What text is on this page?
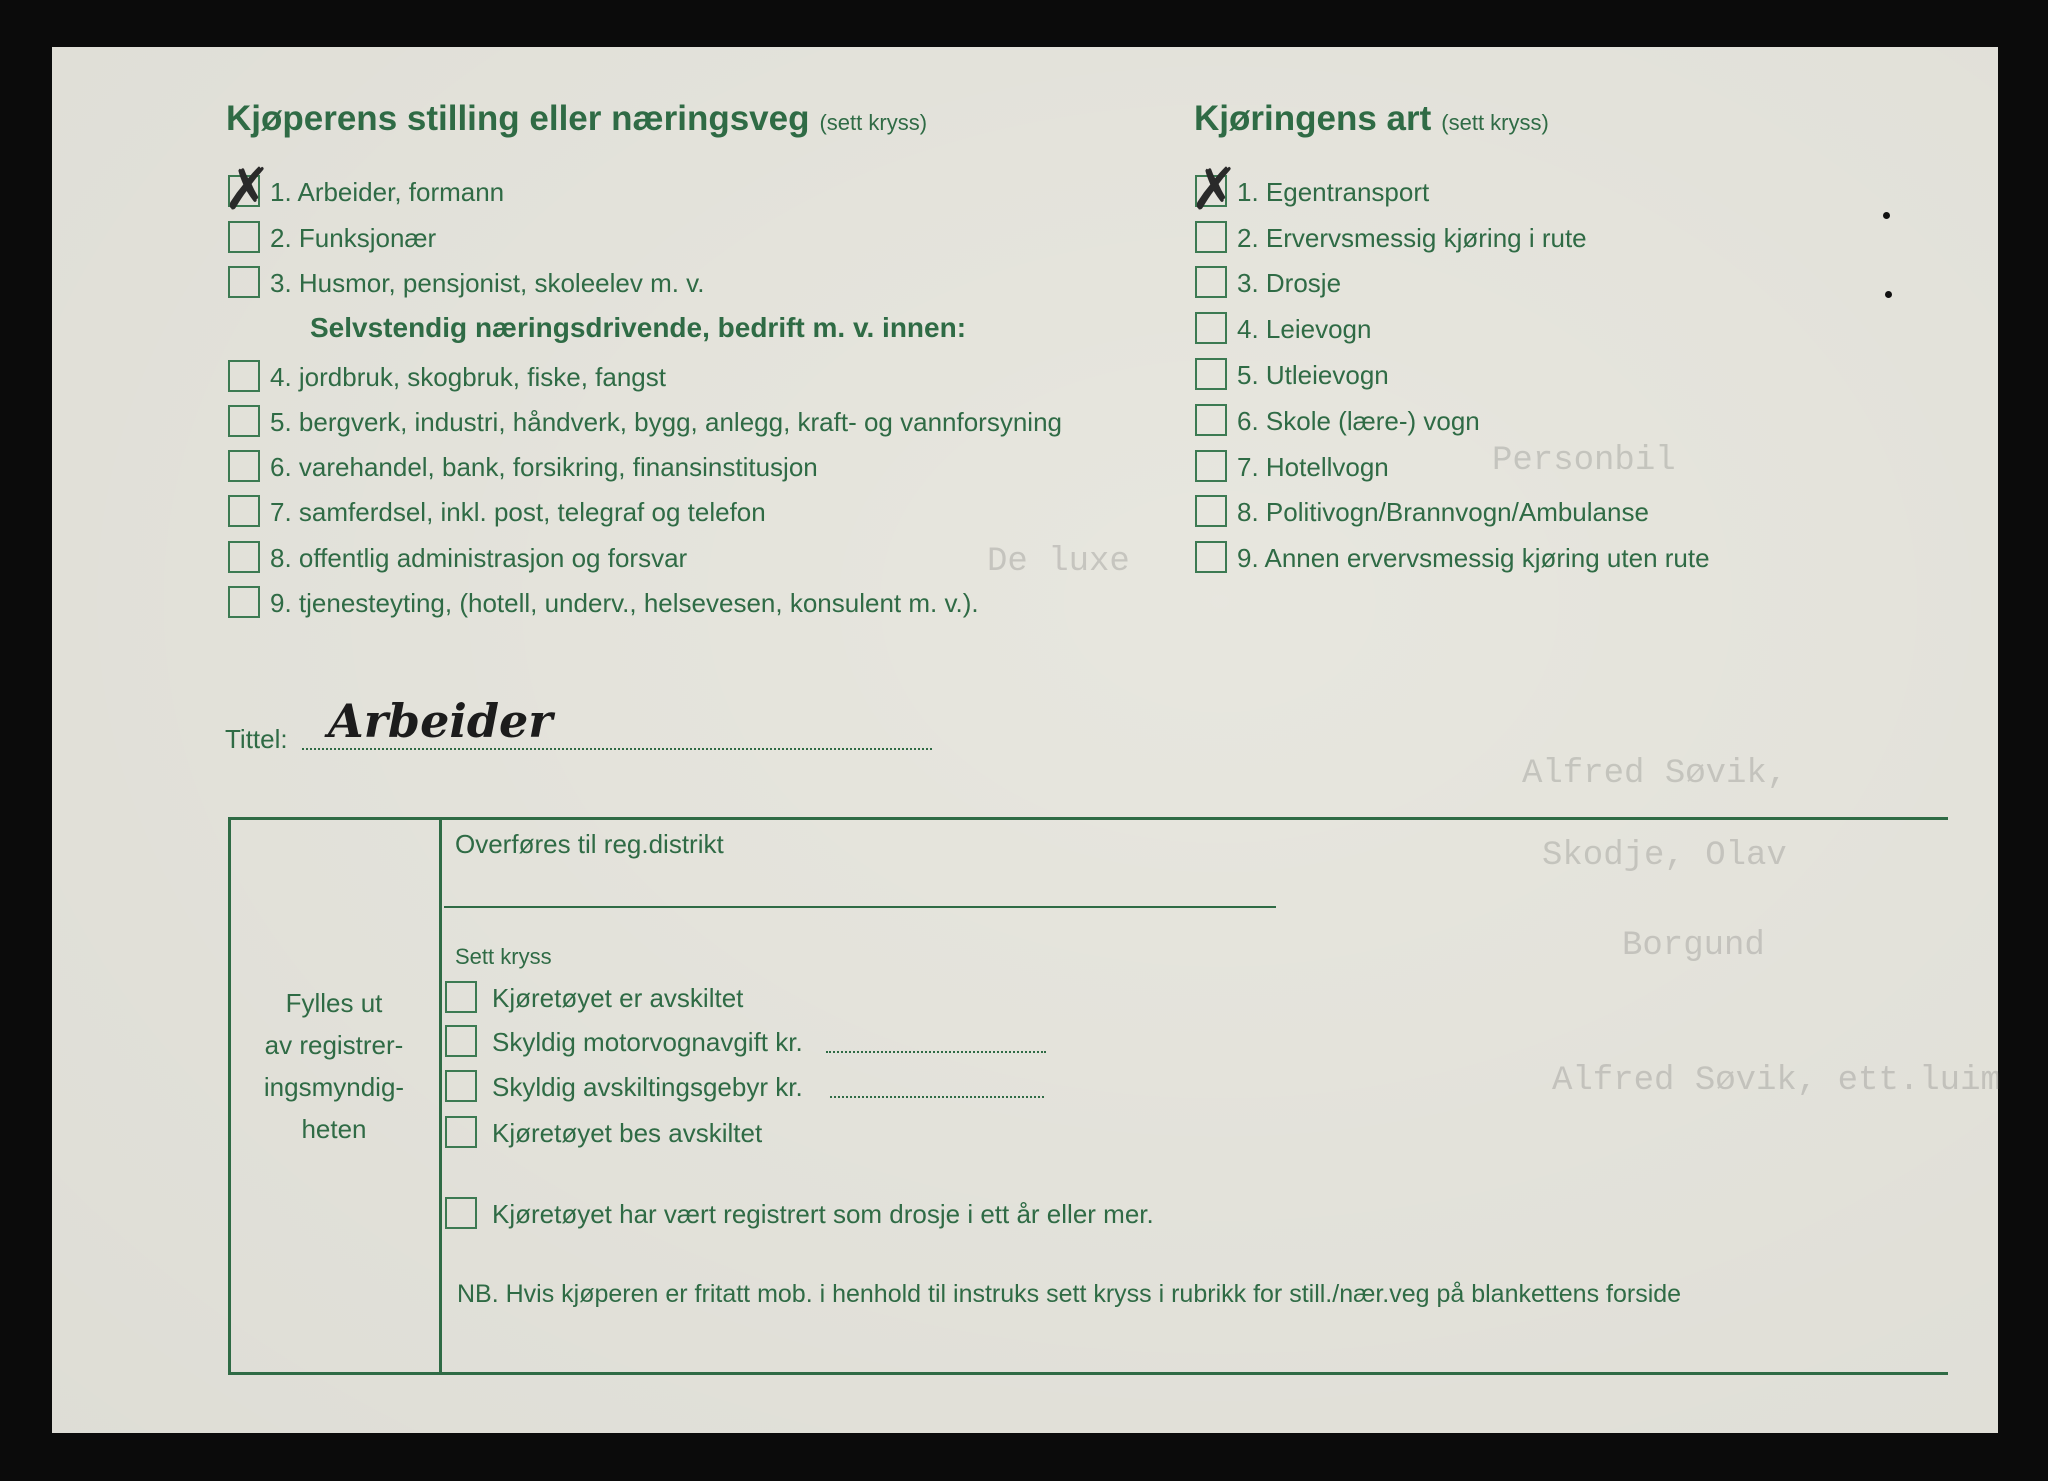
Personbil
De luxe
Alfred Søvik,
Skodje, Olav
Borgund
Alfred Søvik, ett.luim
Kjøperens stilling eller næringsveg (sett kryss)
✗
1. Arbeider, formann
2. Funksjonær
3. Husmor, pensjonist, skoleelev m. v.
Selvstendig næringsdrivende, bedrift m. v. innen:
4. jordbruk, skogbruk, fiske, fangst
5. bergverk, industri, håndverk, bygg, anlegg, kraft- og vannforsyning
6. varehandel, bank, forsikring, finansinstitusjon
7. samferdsel, inkl. post, telegraf og telefon
8. offentlig administrasjon og forsvar
9. tjenesteyting, (hotell, underv., helsevesen, konsulent m. v.).
Kjøringens art (sett kryss)
✗
1. Egentransport
2. Ervervsmessig kjøring i rute
3. Drosje
4. Leievogn
5. Utleievogn
6. Skole (lære-) vogn
7. Hotellvogn
8. Politivogn/Brannvogn/Ambulanse
9. Annen ervervsmessig kjøring uten rute
Tittel: Arbeider
Fylles ut
av registrer-
ingsmyndig-
heten
Overføres til reg.distrikt
Sett kryss
Kjøretøyet er avskiltet
Skyldig motorvognavgift kr.
Skyldig avskiltingsgebyr kr.
Kjøretøyet bes avskiltet
Kjøretøyet har vært registrert som drosje i ett år eller mer.
NB. Hvis kjøperen er fritatt mob. i henhold til instruks sett kryss i rubrikk for still./nær.veg på blankettens forside
